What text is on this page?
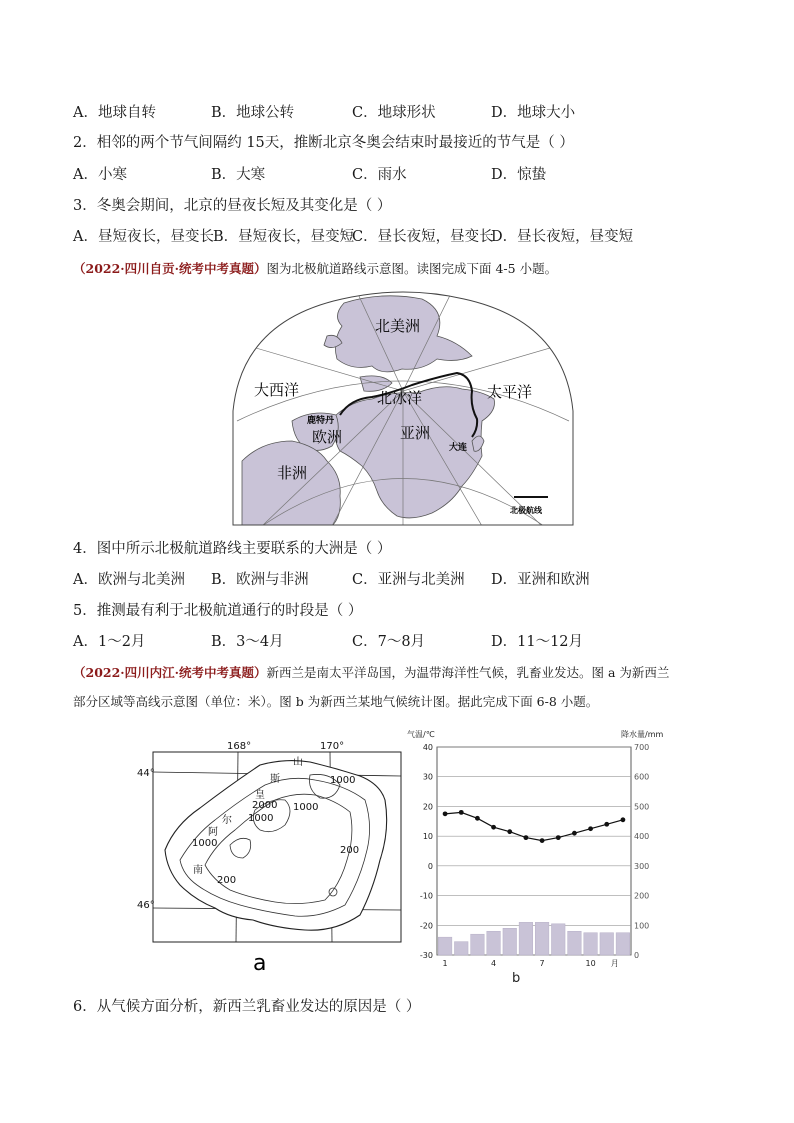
A．地球自转	B．地球公转	C．地球形状	D．地球大小
2．相邻的两个节气间隔约 15天，推断北京冬奥会结束时最接近的节气是（ ）
A．小寒	B．大寒	C．雨水	D．惊蛰
3．冬奥会期间，北京的昼夜长短及其变化是（ ）
A．昼短夜长，昼变长 B．昼短夜长，昼变短
C．昼长夜短，昼变长
D．昼长夜短，昼变短
（2022·四川自贡·统考中考真题）图为北极航道路线示意图。读图完成下面 4-5 小题。
北美洲
大西洋	北冰洋	太平洋
鹿特丹
欧洲
大连
亚洲
非洲
北极航线
4．图中所示北极航道路线主要联系的大洲是（ ）
A．欧洲与北美洲 B．欧洲与非洲	C．亚洲与北美洲 D．亚洲和欧洲
5．推测最有利于北极航道通行的时段是（ ）
A．1～2月	B．3～4月	C．7～8月	D．11～12月
（2022·四川内江·统考中考真题）新西兰是南太平洋岛国，为温带海洋性气候，乳畜业发达。图 a 为新西兰
部分区域等高线示意图（单位：米）。图 b 为新西兰某地气候统计图。据此完成下面 6-8 小题。
168°	170°
44°
46°
1000
2000 1000
1000
1000
200
200
山
斯
皇
尔
阿
南
a
40
30
20
10
0
-10
-20
-30
700
600
500
400
300
200
100
0
1	4	7	10 月
气温/℃	降水量/mm
b
6．从气候方面分析，新西兰乳畜业发达的原因是（ ）
